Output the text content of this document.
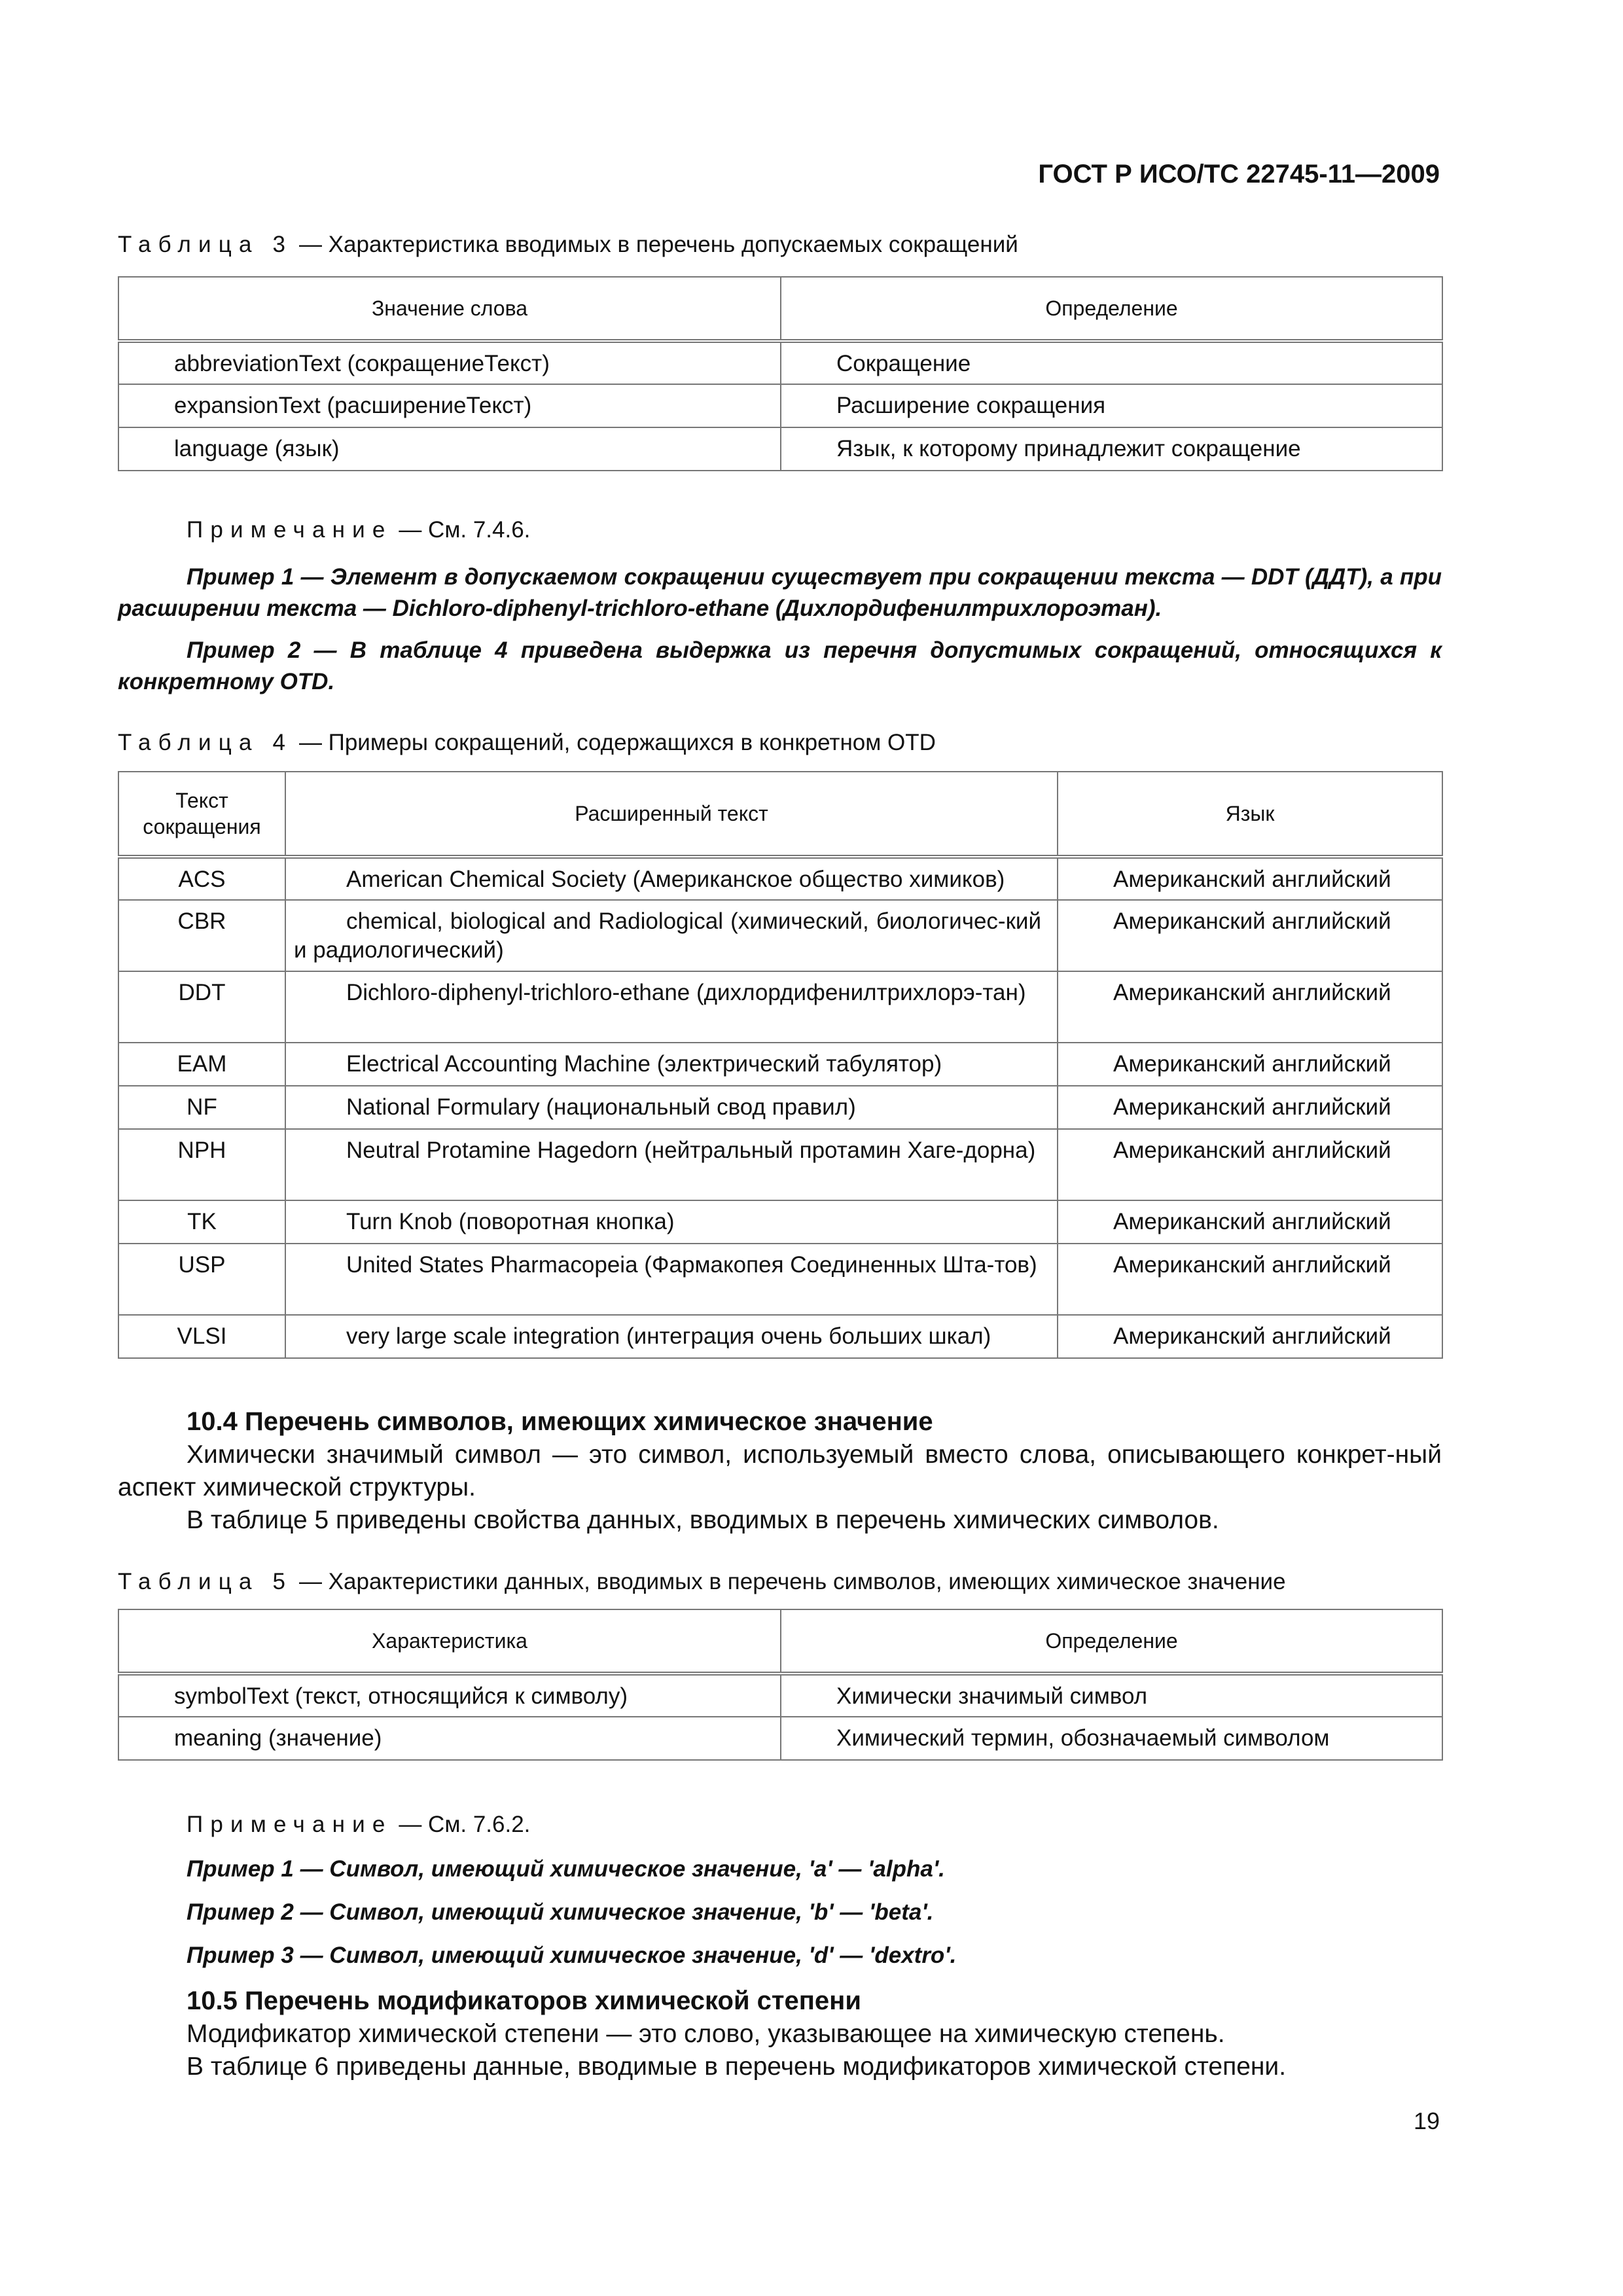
ГОСТ Р ИСО/ТС 22745-11—2009
Таблица 3 — Характеристика вводимых в перечень допускаемых сокращений
Значение слова	Определение
abbreviationText (сокращениеТекст)	Сокращение
expansionText (расширениеТекст)	Расширение сокращения
language (язык)	Язык, к которому принадлежит сокращение
Примечание — См. 7.4.6.
Пример 1 — Элемент в допускаемом сокращении существует при сокращении текста — DDT (ДДТ), а при расширении текста — Dichloro-diphenyl-trichloro-ethane (Дихлордифенилтрихлороэтан).
Пример 2 — В таблице 4 приведена выдержка из перечня допустимых сокращений, относящихся к конкретному OTD.
Таблица 4 — Примеры сокращений, содержащихся в конкретном OTD
Текст сокращения	Расширенный текст	Язык
ACS	American Chemical Society (Американское общество химиков)	Американский английский
CBR	chemical, biological and Radiological (химический, биологичес-кий и радиологический)	Американский английский
DDT	Dichloro-diphenyl-trichloro-ethane (дихлордифенилтрихлорэ-тан)	Американский английский
EAM	Electrical Accounting Machine (электрический табулятор)	Американский английский
NF	National Formulary (национальный свод правил)	Американский английский
NPH	Neutral Protamine Hagedorn (нейтральный протамин Хаге-дорна)	Американский английский
TK	Turn Knob (поворотная кнопка)	Американский английский
USP	United States Pharmacopeia (Фармакопея Соединенных Шта-тов)	Американский английский
VLSI	very large scale integration (интеграция очень больших шкал)	Американский английский
10.4 Перечень символов, имеющих химическое значение
Химически значимый символ — это символ, используемый вместо слова, описывающего конкрет-ный аспект химической структуры.
В таблице 5 приведены свойства данных, вводимых в перечень химических символов.
Таблица 5 — Характеристики данных, вводимых в перечень символов, имеющих химическое значение
Характеристика	Определение
symbolText (текст, относящийся к символу)	Химически значимый символ
meaning (значение)	Химический термин, обозначаемый символом
Примечание — См. 7.6.2.
Пример 1 — Символ, имеющий химическое значение, 'a' — 'alpha'.
Пример 2 — Символ, имеющий химическое значение, 'b' — 'beta'.
Пример 3 — Символ, имеющий химическое значение, 'd' — 'dextro'.
10.5 Перечень модификаторов химической степени
Модификатор химической степени — это слово, указывающее на химическую степень.
В таблице 6 приведены данные, вводимые в перечень модификаторов химической степени.
19
